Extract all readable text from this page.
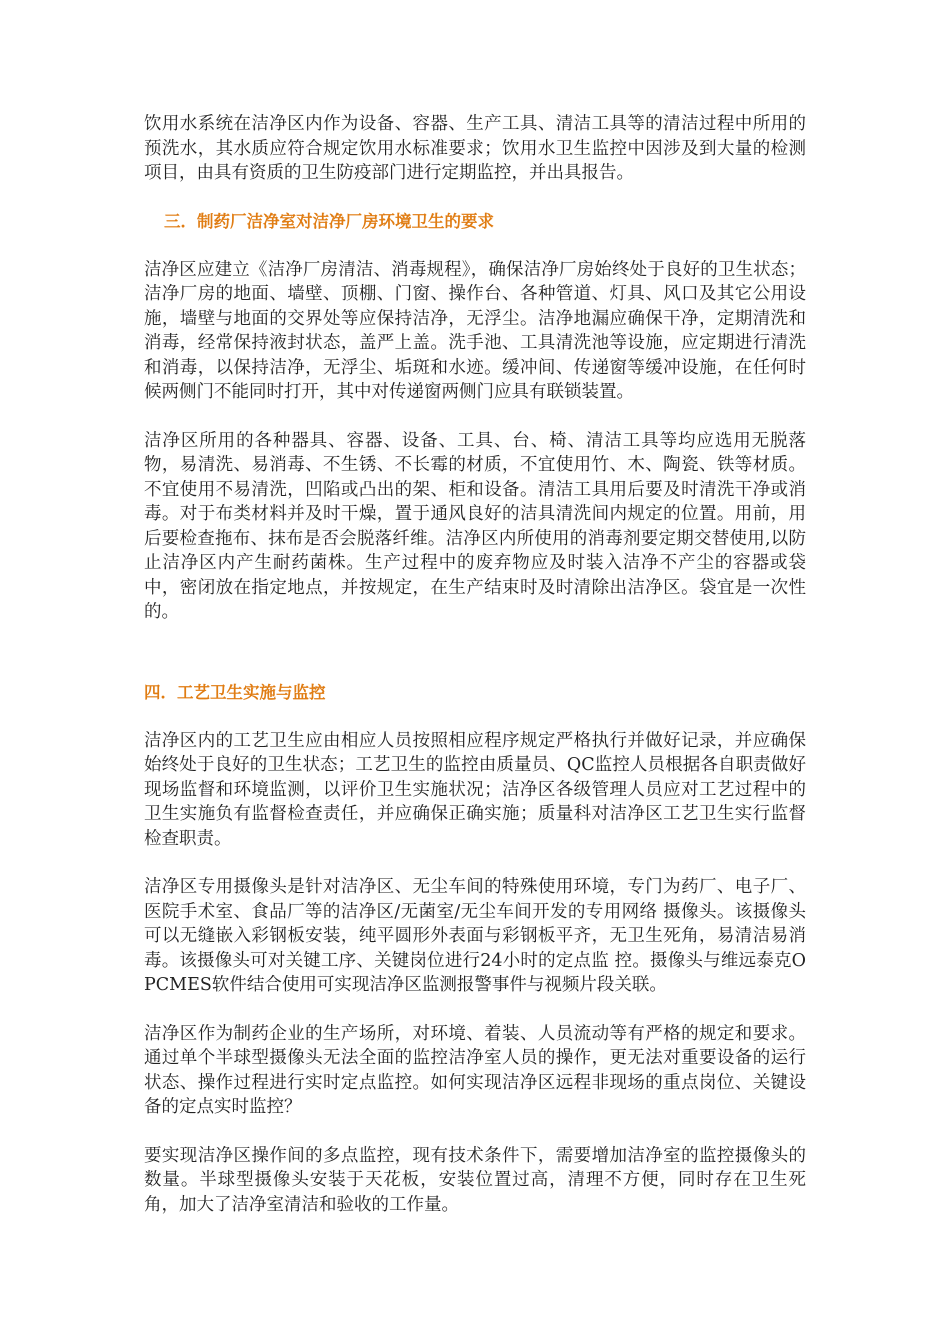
饮用水系统在洁净区内作为设备、容器、生产工具、清洁工具等的清洁过程中所用的预洗水，其水质应符合规定饮用水标准要求；饮用水卫生监控中因涉及到大量的检测项目，由具有资质的卫生防疫部门进行定期监控，并出具报告。

三．制药厂洁净室对洁净厂房环境卫生的要求

洁净区应建立《洁净厂房清洁、消毒规程》，确保洁净厂房始终处于良好的卫生状态；洁净厂房的地面、墙壁、顶棚、门窗、操作台、各种管道、灯具、风口及其它公用设施，墙壁与地面的交界处等应保持洁净，无浮尘。洁净地漏应确保干净，定期清洗和消毒，经常保持液封状态，盖严上盖。洗手池、工具清洗池等设施，应定期进行清洗和消毒，以保持洁净，无浮尘、垢斑和水迹。缓冲间、传递窗等缓冲设施，在任何时候两侧门不能同时打开，其中对传递窗两侧门应具有联锁装置。

洁净区所用的各种器具、容器、设备、工具、台、椅、清洁工具等均应选用无脱落物，易清洗、易消毒、不生锈、不长霉的材质，不宜使用竹、木、陶瓷、铁等材质。不宜使用不易清洗，凹陷或凸出的架、柜和设备。清洁工具用后要及时清洗干净或消毒。对于布类材料并及时干燥，置于通风良好的洁具清洗间内规定的位置。用前，用后要检查拖布、抹布是否会脱落纤维。洁净区内所使用的消毒剂要定期交替使用,以防止洁净区内产生耐药菌株。生产过程中的废弃物应及时装入洁净不产尘的容器或袋中，密闭放在指定地点，并按规定，在生产结束时及时清除出洁净区。袋宜是一次性的。

四．工艺卫生实施与监控

洁净区内的工艺卫生应由相应人员按照相应程序规定严格执行并做好记录，并应确保始终处于良好的卫生状态；工艺卫生的监控由质量员、QC监控人员根据各自职责做好现场监督和环境监测，以评价卫生实施状况；洁净区各级管理人员应对工艺过程中的卫生实施负有监督检查责任，并应确保正确实施；质量科对洁净区工艺卫生实行监督检查职责。

洁净区专用摄像头是针对洁净区、无尘车间的特殊使用环境，专门为药厂、电子厂、医院手术室、食品厂等的洁净区/无菌室/无尘车间开发的专用网络 摄像头。该摄像头可以无缝嵌入彩钢板安装，纯平圆形外表面与彩钢板平齐，无卫生死角，易清洁易消毒。该摄像头可对关键工序、关键岗位进行24小时的定点监 控。摄像头与维远泰克OPCMES软件结合使用可实现洁净区监测报警事件与视频片段关联。

洁净区作为制药企业的生产场所，对环境、着装、人员流动等有严格的规定和要求。通过单个半球型摄像头无法全面的监控洁净室人员的操作，更无法对重要设备的运行状态、操作过程进行实时定点监控。如何实现洁净区远程非现场的重点岗位、关键设备的定点实时监控？

要实现洁净区操作间的多点监控，现有技术条件下，需要增加洁净室的监控摄像头的数量。半球型摄像头安装于天花板，安装位置过高，清理不方便，同时存在卫生死角，加大了洁净室清洁和验收的工作量。
